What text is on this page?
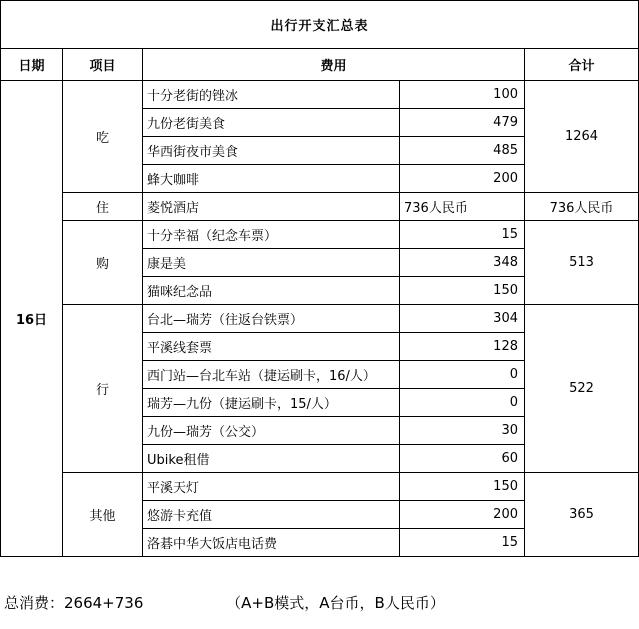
出行开支汇总表				
日期	项目	费用		合计
16日	吃	十分老街的锉冰	100	1264
		九份老街美食	479	
		华西街夜市美食	485	
		蜂大咖啡	200	
	住	菱悦酒店	736人民币	736人民币
	购	十分幸福（纪念车票）	15	513
		康是美	348	
		猫咪纪念品	150	
	行	台北—瑞芳（往返台铁票）	304	522
		平溪线套票	128	
		西门站—台北车站（捷运刷卡，16/人）	0	
		瑞芳—九份（捷运刷卡，15/人）	0	
		九份—瑞芳（公交）	30	
		Ubike租借	60	
	其他	平溪天灯	150	365
		悠游卡充值	200	
		洛碁中华大饭店电话费	15	
总消费：2664+736	（A+B模式，A台币，B人民币）
